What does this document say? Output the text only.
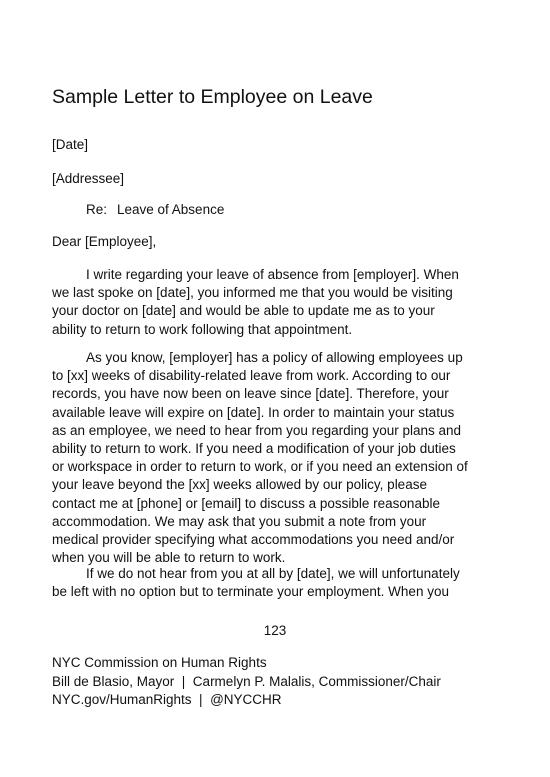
Sample Letter to Employee on Leave

[Date]

[Addressee]

Re: Leave of Absence

Dear [Employee],

I write regarding your leave of absence from [employer]. When
we last spoke on [date], you informed me that you would be visiting
your doctor on [date] and would be able to update me as to your
ability to return to work following that appointment.

As you know, [employer] has a policy of allowing employees up
to [xx] weeks of disability-related leave from work. According to our
records, you have now been on leave since [date]. Therefore, your
available leave will expire on [date]. In order to maintain your status
as an employee, we need to hear from you regarding your plans and
ability to return to work. If you need a modification of your job duties
or workspace in order to return to work, or if you need an extension of
your leave beyond the [xx] weeks allowed by our policy, please
contact me at [phone] or [email] to discuss a possible reasonable
accommodation. We may ask that you submit a note from your
medical provider specifying what accommodations you need and/or
when you will be able to return to work.

If we do not hear from you at all by [date], we will unfortunately
be left with no option but to terminate your employment. When you

123
NYC Commission on Human Rights
Bill de Blasio, Mayor  |  Carmelyn P. Malalis, Commissioner/Chair
NYC.gov/HumanRights  |  @NYCCHR
